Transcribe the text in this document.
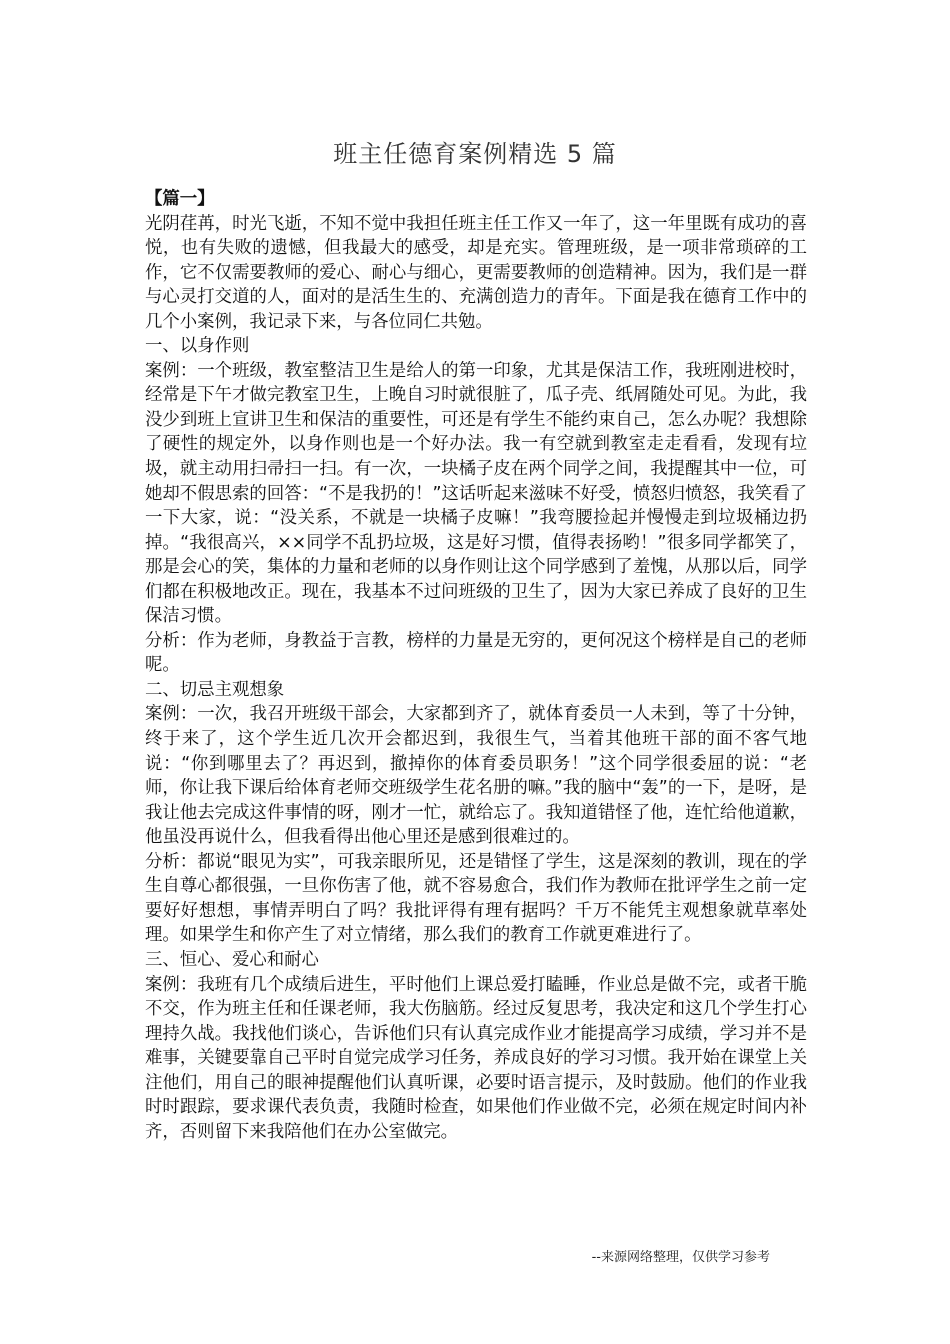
班主任德育案例精选 5 篇

【篇一】

光阴荏苒，时光飞逝，不知不觉中我担任班主任工作又一年了，这一年里既有成功的喜悦，也有失败的遗憾，但我最大的感受，却是充实。管理班级，是一项非常琐碎的工作，它不仅需要教师的爱心、耐心与细心，更需要教师的创造精神。因为，我们是一群与心灵打交道的人，面对的是活生生的、充满创造力的青年。下面是我在德育工作中的几个小案例，我记录下来，与各位同仁共勉。

一、以身作则

案例：一个班级，教室整洁卫生是给人的第一印象，尤其是保洁工作，我班刚进校时，经常是下午才做完教室卫生，上晚自习时就很脏了，瓜子壳、纸屑随处可见。为此，我没少到班上宣讲卫生和保洁的重要性，可还是有学生不能约束自己，怎么办呢？我想除了硬性的规定外，以身作则也是一个好办法。我一有空就到教室走走看看，发现有垃圾，就主动用扫帚扫一扫。有一次，一块橘子皮在两个同学之间，我提醒其中一位，可她却不假思索的回答：“不是我扔的！”这话听起来滋味不好受，愤怒归愤怒，我笑看了一下大家，说：“没关系，不就是一块橘子皮嘛！”我弯腰捡起并慢慢走到垃圾桶边扔掉。“我很高兴，××同学不乱扔垃圾，这是好习惯，值得表扬哟！”很多同学都笑了，那是会心的笑，集体的力量和老师的以身作则让这个同学感到了羞愧，从那以后，同学们都在积极地改正。现在，我基本不过问班级的卫生了，因为大家已养成了良好的卫生保洁习惯。

分析：作为老师，身教益于言教，榜样的力量是无穷的，更何况这个榜样是自己的老师呢。

二、切忌主观想象

案例：一次，我召开班级干部会，大家都到齐了，就体育委员一人未到，等了十分钟，终于来了，这个学生近几次开会都迟到，我很生气，当着其他班干部的面不客气地说：“你到哪里去了？再迟到，撤掉你的体育委员职务！”这个同学很委屈的说：“老师，你让我下课后给体育老师交班级学生花名册的嘛。”我的脑中“轰”的一下，是呀，是我让他去完成这件事情的呀，刚才一忙，就给忘了。我知道错怪了他，连忙给他道歉，他虽没再说什么，但我看得出他心里还是感到很难过的。

分析：都说“眼见为实”，可我亲眼所见，还是错怪了学生，这是深刻的教训，现在的学生自尊心都很强，一旦你伤害了他，就不容易愈合，我们作为教师在批评学生之前一定要好好想想，事情弄明白了吗？我批评得有理有据吗？千万不能凭主观想象就草率处理。如果学生和你产生了对立情绪，那么我们的教育工作就更难进行了。

三、恒心、爱心和耐心

案例：我班有几个成绩后进生，平时他们上课总爱打瞌睡，作业总是做不完，或者干脆不交，作为班主任和任课老师，我大伤脑筋。经过反复思考，我决定和这几个学生打心理持久战。我找他们谈心，告诉他们只有认真完成作业才能提高学习成绩，学习并不是难事，关键要靠自己平时自觉完成学习任务，养成良好的学习习惯。我开始在课堂上关注他们，用自己的眼神提醒他们认真听课，必要时语言提示，及时鼓励。他们的作业我时时跟踪，要求课代表负责，我随时检查，如果他们作业做不完，必须在规定时间内补齐，否则留下来我陪他们在办公室做完。

--来源网络整理，仅供学习参考
